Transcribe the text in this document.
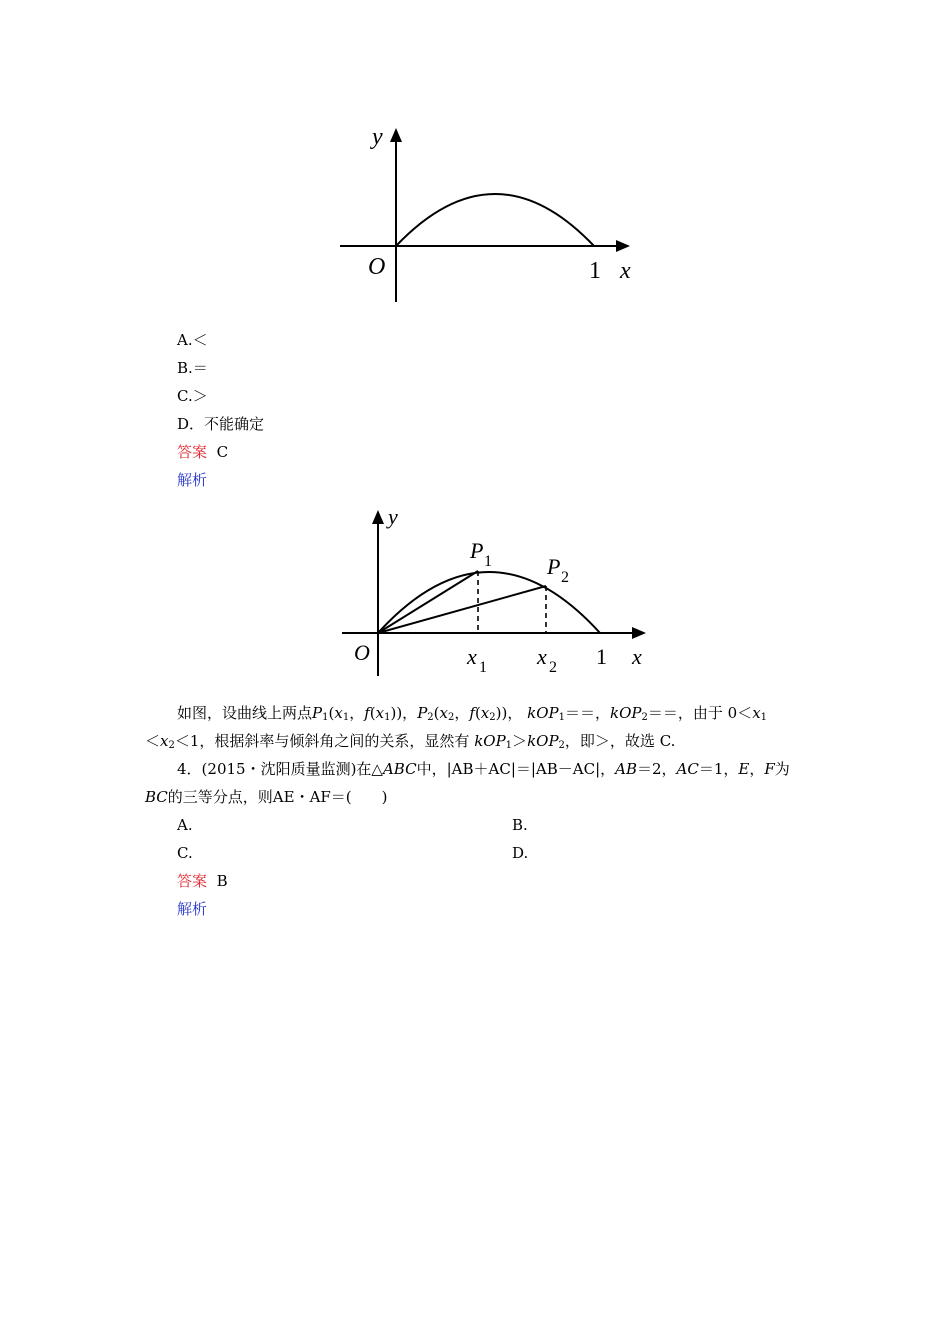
y
O	1 x
A.＜
B.＝
C.＞
D．不能确定
答案 C
解析
y
P 1	P 2
O	x 1 x 2 1 x
如图，设曲线上两点$P_1(x_1$，$f(x_1)$)，$P_2(x_2$，$f(x_2)$)， kOP$_1$＝＝，kOP$_2$＝＝，由于 $0<x_1$
$<x_2<1$，根据斜率与倾斜角之间的关系，显然有 kOP$_1$＞kOP$_2$，即＞，故选 C.
4．(2015・沈阳质量监测)在△ABC中，|AB＋AC|＝|AB－AC|，AB＝2，AC＝1，E，F为
BC的三等分点，则AE・AF＝(　　)
A.	B.
C.	D.
答案 B
解析
